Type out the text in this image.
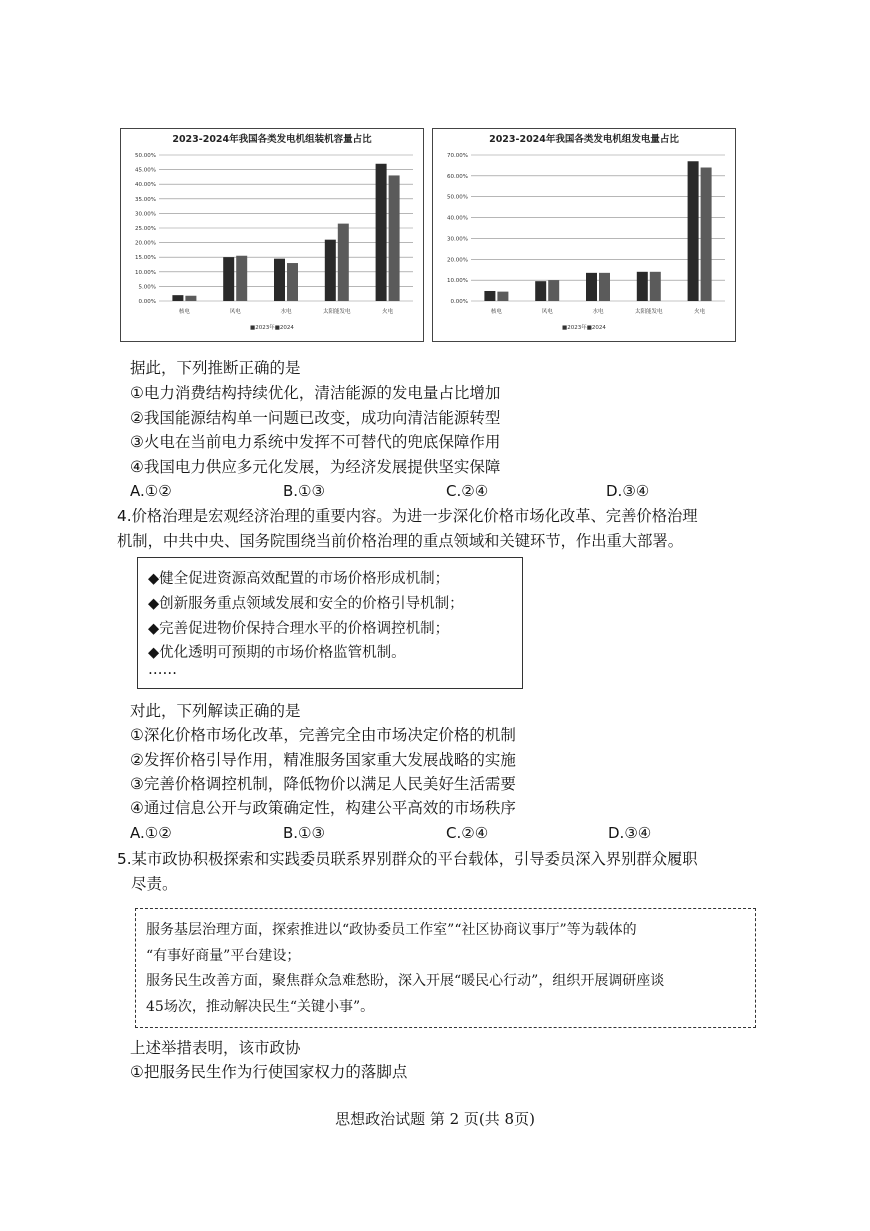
2023-2024年我国各类发电机组装机容量占比
50.00%
45.00%
40.00%
35.00%
30.00%
25.00%
20.00%
15.00%
10.00%
5.00%
0.00%
核电	风电	水电	太阳能发电	火电
■2023年■2024
2023-2024年我国各类发电机组发电量占比
70.00%
60.00%
50.00%
40.00%
30.00%
20.00%
10.00%
0.00%
核电	风电	水电	太阳能发电	火电
■2023年■2024
据此，下列推断正确的是
①电力消费结构持续优化，清洁能源的发电量占比增加
②我国能源结构单一问题已改变，成功向清洁能源转型
③火电在当前电力系统中发挥不可替代的兜底保障作用
④我国电力供应多元化发展，为经济发展提供坚实保障
A.①②	B.①③	C.②④	D.③④
4.价格治理是宏观经济治理的重要内容。为进一步深化价格市场化改革、完善价格治理
机制，中共中央、国务院围绕当前价格治理的重点领域和关键环节，作出重大部署。
◆健全促进资源高效配置的市场价格形成机制；
◆创新服务重点领域发展和安全的价格引导机制；
◆完善促进物价保持合理水平的价格调控机制；
◆优化透明可预期的市场价格监管机制。
……
对此，下列解读正确的是
①深化价格市场化改革，完善完全由市场决定价格的机制
②发挥价格引导作用，精准服务国家重大发展战略的实施
③完善价格调控机制，降低物价以满足人民美好生活需要
④通过信息公开与政策确定性，构建公平高效的市场秩序
A.①②	B.①③	C.②④	D.③④
5.某市政协积极探索和实践委员联系界别群众的平台载体，引导委员深入界别群众履职
尽责。
服务基层治理方面，探索推进以“政协委员工作室”“社区协商议事厅”等为载体的
“有事好商量”平台建设；
服务民生改善方面，聚焦群众急难愁盼，深入开展“暖民心行动”，组织开展调研座谈
45场次，推动解决民生“关键小事”。
上述举措表明，该市政协
①把服务民生作为行使国家权力的落脚点
思想政治试题 第 2 页(共 8页)
